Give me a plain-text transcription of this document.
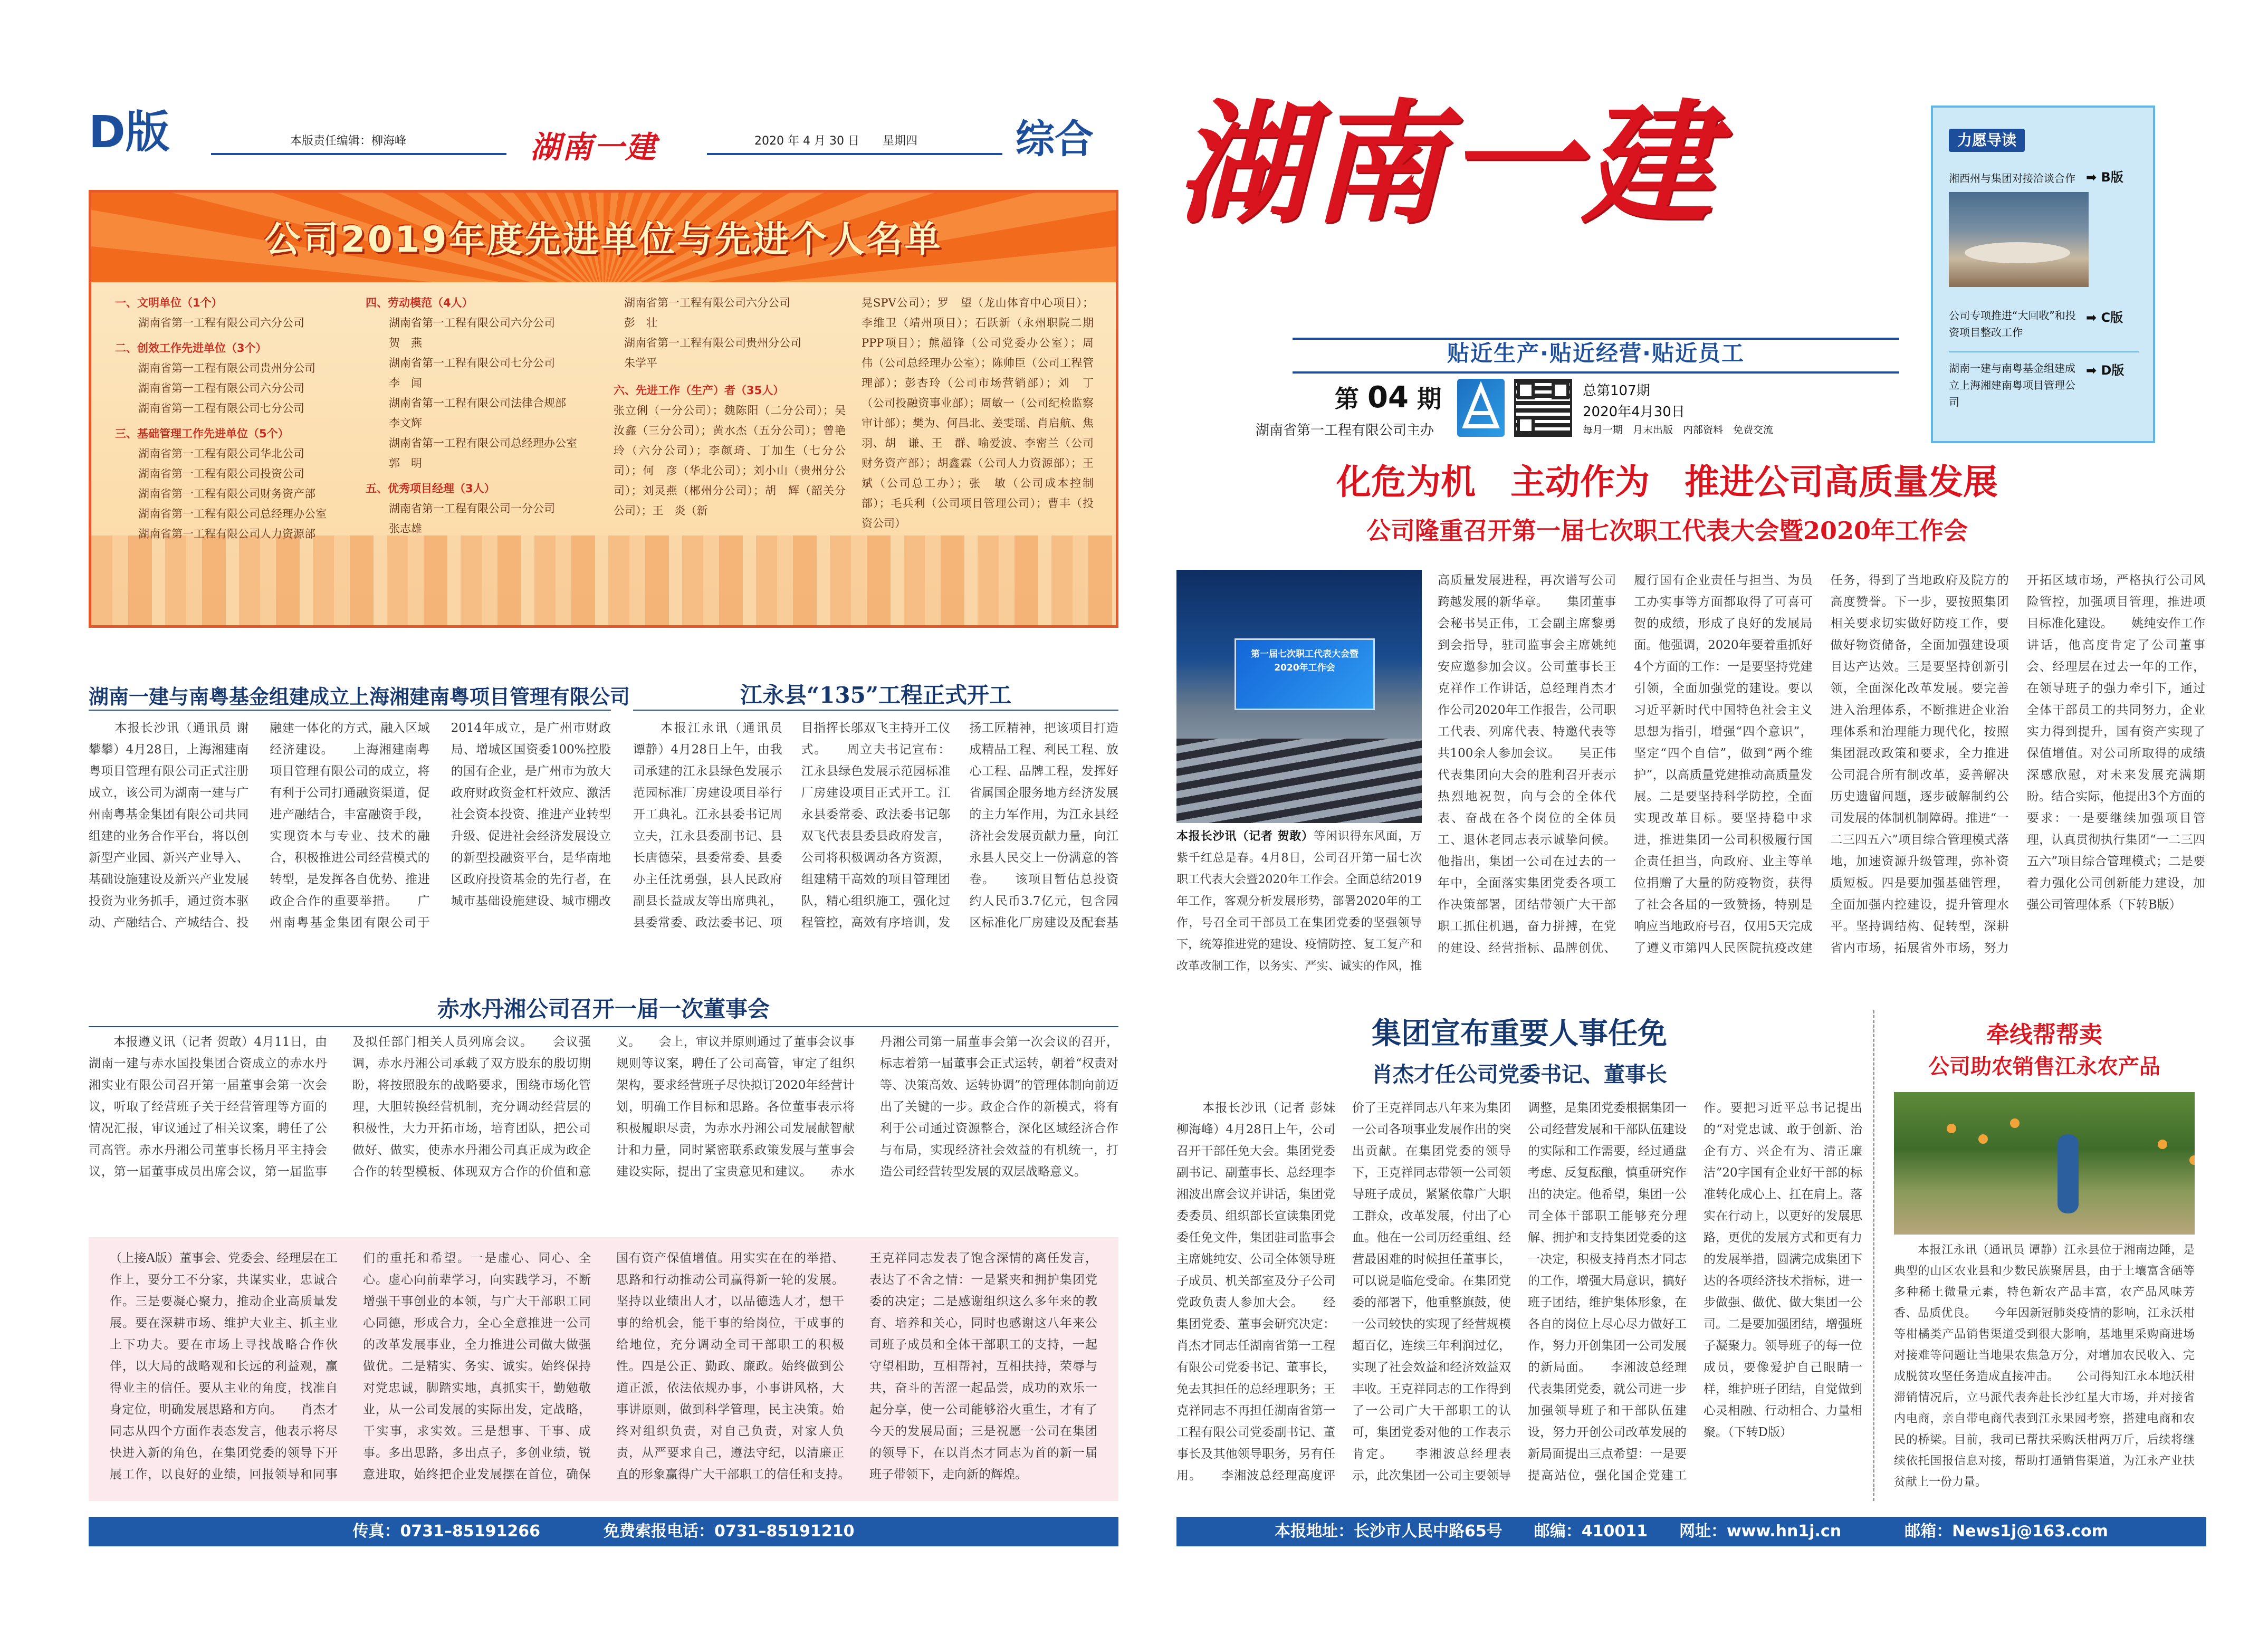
D版	本版责任编辑：柳海峰	湖南一建	2020 年 4 月 30 日　　星期四	综合
公司2019年度先进单位与先进个人名单
一、文明单位（1个）
湖南省第一工程有限公司六分公司
二、创效工作先进单位（3个）
湖南省第一工程有限公司贵州分公司
湖南省第一工程有限公司六分公司
湖南省第一工程有限公司七分公司
三、基础管理工作先进单位（5个）
湖南省第一工程有限公司华北公司
湖南省第一工程有限公司投资公司
湖南省第一工程有限公司财务资产部
湖南省第一工程有限公司总经理办公室
湖南省第一工程有限公司人力资源部
四、劳动模范（4人）
湖南省第一工程有限公司六分公司
贺　燕
湖南省第一工程有限公司七分公司
李　闻
湖南省第一工程有限公司法律合规部
李文辉
湖南省第一工程有限公司总经理办公室
郭　明
五、优秀项目经理（3人）
湖南省第一工程有限公司一分公司
张志雄
湖南省第一工程有限公司六分公司
彭　壮
湖南省第一工程有限公司贵州分公司
朱学平
六、先进工作（生产）者（35人）
张立俐（一分公司）；魏陈阳（二分公司）；吴汝鑫（三分公司）；黄水杰（五分公司）；曾艳玲（六分公司）；李颜琦、丁加生（七分公司）；何　彦（华北公司）；刘小山（贵州分公司）；刘灵燕（郴州分公司）；胡　辉（韶关分公司）；王　炎（新
晃SPV公司）；罗　望（龙山体育中心项目）；李维卫（靖州项目）；石跃新（永州职院二期PPP项目）；熊超锋（公司党委办公室）；周　伟（公司总经理办公室）；陈帅臣（公司工程管理部）；彭杏玲（公司市场营销部）；刘　丁（公司投融资事业部）；周敏一（公司纪检监察审计部）；樊为、何昌北、姜雯瑶、肖启航、焦　羽、胡　谦、王　群、喻爱波、李密兰（公司财务资产部）；胡鑫霖（公司人力资源部）；王斌（公司总工办）；张　敏（公司成本控制部）；毛兵利（公司项目管理公司）；曹丰（投资公司）
湖南一建与南粤基金组建成立上海湘建南粤项目管理有限公司
　　本报长沙讯（通讯员 谢攀攀）4月28日，上海湘建南粤项目管理有限公司正式注册成立，该公司为湖南一建与广州南粤基金集团有限公司共同组建的业务合作平台，将以创新型产业园、新兴产业导入、基础设施建设及新兴产业发展投资为业务抓手，通过资本驱动、产融结合、产城结合、投融建一体化的方式，融入区域经济建设。　　上海湘建南粤项目管理有限公司的成立，将有利于公司打通融资渠道，促进产融结合，丰富融资手段，实现资本与专业、技术的融合，积极推进公司经营模式的转型，是发挥各自优势、推进政企合作的重要举措。　　广州南粤基金集团有限公司于2014年成立，是广州市财政局、增城区国资委100%控股的国有企业，是广州市为放大政府财政资金杠杆效应、激活社会资本投资、推进产业转型升级、促进社会经济发展设立的新型投融资平台，是华南地区政府投资基金的先行者，在城市基础设施建设、城市棚改
江永县“135”工程正式开工
　　本报江永讯（通讯员 谭静）4月28日上午，由我司承建的江永县绿色发展示范园标准厂房建设项目举行开工典礼。江永县委书记周立夫，江永县委副书记、县长唐德荣，县委常委、县委办主任沈勇强，县人民政府副县长益成友等出席典礼，县委常委、政法委书记、项目指挥长邬双飞主持开工仪式。　　周立夫书记宣布：江永县绿色发展示范园标准厂房建设项目正式开工。江永县委常委、政法委书记邬双飞代表县委县政府发言，公司将积极调动各方资源，组建精干高效的项目管理团队，精心组织施工，强化过程管控，高效有序培训，发扬工匠精神，把该项目打造成精品工程、利民工程、放心工程、品牌工程，发挥好省属国企服务地方经济发展的主力军作用，为江永县经济社会发展贡献力量，向江永县人民交上一份满意的答卷。　　该项目暂估总投资约人民币3.7亿元，包含园区标准化厂房建设及配套基
赤水丹湘公司召开一届一次董事会
　　本报遵义讯（记者 贺敢）4月11日，由湖南一建与赤水国投集团合资成立的赤水丹湘实业有限公司召开第一届董事会第一次会议，听取了经营班子关于经营管理等方面的情况汇报，审议通过了相关议案，聘任了公司高管。赤水丹湘公司董事长杨月平主持会议，第一届董事成员出席会议，第一届监事及拟任部门相关人员列席会议。　　会议强调，赤水丹湘公司承载了双方股东的殷切期盼，将按照股东的战略要求，围绕市场化管理，大胆转换经营机制，充分调动经营层的积极性，大力开拓市场，培育团队，把公司做好、做实，使赤水丹湘公司真正成为政企合作的转型模板、体现双方合作的价值和意义。　　会上，审议并原则通过了董事会议事规则等议案，聘任了公司高管，审定了组织架构，要求经营班子尽快拟订2020年经营计划，明确工作目标和思路。各位董事表示将积极履职尽责，为赤水丹湘公司发展献智献计和力量，同时紧密联系政策发展与董事会建设实际，提出了宝贵意见和建议。　　赤水丹湘公司第一届董事会第一次会议的召开，标志着第一届董事会正式运转，朝着“权责对等、决策高效、运转协调”的管理体制向前迈出了关键的一步。政企合作的新模式，将有利于公司通过资源整合，深化区域经济合作与布局，实现经济社会效益的有机统一，打造公司经营转型发展的双层战略意义。
（上接A版）董事会、党委会、经理层在工作上，要分工不分家，共谋实业，忠诚合作。三是要凝心聚力，推动企业高质量发展。要在深耕市场、维护大业主、抓主业上下功夫。要在市场上寻找战略合作伙伴，以大局的战略观和长远的利益观，赢得业主的信任。要从主业的角度，找准自身定位，明确发展思路和方向。　　肖杰才同志从四个方面作表态发言，他表示将尽快进入新的角色，在集团党委的领导下开展工作，以良好的业绩，回报领导和同事们的重托和希望。一是虚心、同心、全心。虚心向前辈学习，向实践学习，不断增强干事创业的本领，与广大干部职工同心同德，形成合力，全心全意推进一公司的改革发展事业，全力推进公司做大做强做优。二是精实、务实、诚实。始终保持对党忠诚，脚踏实地，真抓实干，勤勉敬业，从一公司发展的实际出发，定战略，干实事，求实效。三是想事、干事、成事。多出思路，多出点子，多创业绩，锐意进取，始终把企业发展摆在首位，确保国有资产保值增值。用实实在在的举措、思路和行动推动公司赢得新一轮的发展。坚持以业绩出人才，以品德选人才，想干事的给机会，能干事的给岗位，干成事的给地位，充分调动全司干部职工的积极性。四是公正、勤政、廉政。始终做到公道正派，依法依规办事，小事讲风格，大事讲原则，做到科学管理，民主决策。始终对组织负责，对自己负责，对家人负责，从严要求自己，遵法守纪，以清廉正直的形象赢得广大干部职工的信任和支持。　　王克祥同志发表了饱含深情的离任发言，表达了不舍之情：一是紧夹和拥护集团党委的决定；二是感谢组织这么多年来的教育、培养和关心，同时也感谢这八年来公司班子成员和全体干部职工的支持，一起守望相助，互相帮衬，互相扶持，荣辱与共，奋斗的苦涩一起品尝，成功的欢乐一起分享，使一公司能够浴火重生，才有了今天的发展局面；三是祝愿一公司在集团的领导下，在以肖杰才同志为首的新一届班子带领下，走向新的辉煌。
传真：0731–85191266　　　　免费索报电话：0731–85191210
湖南一建
贴近生产·贴近经营·贴近员工
第 04 期
湖南省第一工程有限公司主办
总第107期
2020年4月30日
每月一期　月末出版　内部资料　免费交流
力愿导读
湘西州与集团对接洽谈合作 ➡ B版
公司专项推进“大回收”和投资项目整改工作
➡ C版
湖南一建与南粤基金组建成立上海湘建南粤项目管理公司
➡ D版
化危为机　主动作为　推进公司高质量发展
公司隆重召开第一届七次职工代表大会暨2020年工作会
第一届七次职工代表大会暨2020年工作会
本报长沙讯（记者 贺敢）等闲识得东风面，万紫千红总是春。4月8日，公司召开第一届七次职工代表大会暨2020年工作会。全面总结2019年工作，客观分析发展形势，部署2020年的工作，号召全司干部员工在集团党委的坚强领导下，统筹推进党的建设、疫情防控、复工复产和改革改制工作，以务实、严实、诚实的作风，推
高质量发展进程，再次谱写公司跨越发展的新华章。　　集团董事会秘书吴正伟，工会副主席黎勇到会指导，驻司监事会主席姚纯安应邀参加会议。公司董事长王克祥作工作讲话，总经理肖杰才作公司2020年工作报告，公司职工代表、列席代表、特邀代表等共100余人参加会议。　　吴正伟代表集团向大会的胜利召开表示热烈地祝贺，向与会的全体代表、奋战在各个岗位的全体员工、退休老同志表示诚挚问候。他指出，集团一公司在过去的一年中，全面落实集团党委各项工作决策部署，团结带领广大干部职工抓住机遇，奋力拼搏，在党的建设、经营指标、品牌创优、履行国有企业责任与担当、为员工办实事等方面都取得了可喜可贺的成绩，形成了良好的发展局面。他强调，2020年要着重抓好4个方面的工作：一是要坚持党建引领，全面加强党的建设。要以习近平新时代中国特色社会主义思想为指引，增强“四个意识”，坚定“四个自信”，做到“两个维护”，以高质量党建推动高质量发展。二是要坚持科学防控，全面实现改革目标。要坚持稳中求进，推进集团一公司积极履行国企责任担当，向政府、业主等单位捐赠了大量的防疫物资，获得了社会各届的一致赞扬，特别是响应当地政府号召，仅用5天完成了遵义市第四人民医院抗疫改建任务，得到了当地政府及院方的高度赞誉。下一步，要按照集团相关要求切实做好防疫工作，要做好物资储备，全面加强建设项目达产达效。三是要坚持创新引领，全面深化改革发展。要完善进入治理体系，不断推进企业治理体系和治理能力现代化，按照集团混改政策和要求，全力推进公司混合所有制改革，妥善解决历史遗留问题，逐步破解制约公司发展的体制机制障碍。推进“一二三四五六”项目综合管理模式落地，加速资源升级管理，弥补资质短板。四是要加强基础管理，全面加强内控建设，提升管理水平。坚持调结构、促转型，深耕省内市场，拓展省外市场，努力开拓区域市场，严格执行公司风险管控，加强项目管理，推进项目标准化建设。　　姚纯安作工作讲话，他高度肯定了公司董事会、经理层在过去一年的工作，在领导班子的强力牵引下，通过全体干部员工的共同努力，企业实力得到提升，国有资产实现了保值增值。对公司所取得的成绩深感欣慰，对未来发展充满期盼。结合实际，他提出3个方面的要求：一是要继续加强项目管理，认真贯彻执行集团“一二三四五六”项目综合管理模式；二是要着力强化公司创新能力建设，加强公司管理体系（下转B版）
集团宣布重要人事任免
肖杰才任公司党委书记、董事长
　　本报长沙讯（记者 彭妹 柳海峰）4月28日上午，公司召开干部任免大会。集团党委副书记、副董事长、总经理李湘波出席会议并讲话，集团党委委员、组织部长宣读集团党委任免文件，集团驻司监事会主席姚纯安、公司全体领导班子成员、机关部室及分子公司党政负责人参加大会。　　经集团党委、董事会研究决定：肖杰才同志任湖南省第一工程有限公司党委书记、董事长，免去其担任的总经理职务；王克祥同志不再担任湖南省第一工程有限公司党委副书记、董事长及其他领导职务，另有任用。　　李湘波总经理高度评价了王克祥同志八年来为集团一公司各项事业发展作出的突出贡献。在集团党委的领导下，王克祥同志带领一公司领导班子成员，紧紧依靠广大职工群众，改革发展，付出了心血。他在一公司历经重组、经营最困难的时候担任董事长，可以说是临危受命。在集团党委的部署下，他重整旗鼓，使一公司较快的实现了经营规模超百亿，连续三年利润过亿，实现了社会效益和经济效益双丰收。王克祥同志的工作得到了一公司广大干部职工的认可，集团党委对他的工作表示肯定。　　李湘波总经理表示，此次集团一公司主要领导调整，是集团党委根据集团一公司经营发展和干部队伍建设的实际和工作需要，经过通盘考虑、反复酝酿，慎重研究作出的决定。他希望，集团一公司全体干部职工能够充分理解、拥护和支持集团党委的这一决定，积极支持肖杰才同志的工作，增强大局意识，搞好班子团结，维护集体形象，在各自的岗位上尽心尽力做好工作，努力开创集团一公司发展的新局面。　　李湘波总经理代表集团党委，就公司进一步加强领导班子和干部队伍建设，努力开创公司改革发展的新局面提出三点希望：一是要提高站位，强化国企党建工作。要把习近平总书记提出的“对党忠诚、敢于创新、治企有方、兴企有为、清正廉洁”20字国有企业好干部的标准转化成心上、扛在肩上。落实在行动上，以更好的发展思路，更优的发展方式和更有力的发展举措，圆满完成集团下达的各项经济技术指标，进一步做强、做优、做大集团一公司。二是要加强团结，增强班子凝聚力。领导班子的每一位成员，要像爱护自己眼睛一样，维护班子团结，自觉做到心灵相融、行动相合、力量相聚。（下转D版）
牵线帮帮卖
公司助农销售江永农产品
　　本报江永讯（通讯员 谭静）江永县位于湘南边陲，是典型的山区农业县和少数民族聚居县，由于土壤富含硒等多种稀土微量元素，特色新农产品丰富，农产品风味芳香、品质优良。　　今年因新冠肺炎疫情的影响，江永沃柑等柑橘类产品销售渠道受到很大影响，基地里采购商进场对接难等问题让当地果农焦急万分，对增加农民收入、完成脱贫攻坚任务造成直接冲击。　　公司得知江永本地沃柑滞销情况后，立马派代表奔赴长沙红星大市场，并对接省内电商，亲自带电商代表到江永果园考察，搭建电商和农民的桥梁。目前，我司已帮扶采购沃柑两万斤，后续将继续依托国报信息对接，帮助打通销售渠道，为江永产业扶贫献上一份力量。
本报地址：长沙市人民中路65号　　邮编：410011　　网址：www.hn1j.cn　　　　邮箱：News1j@163.com
